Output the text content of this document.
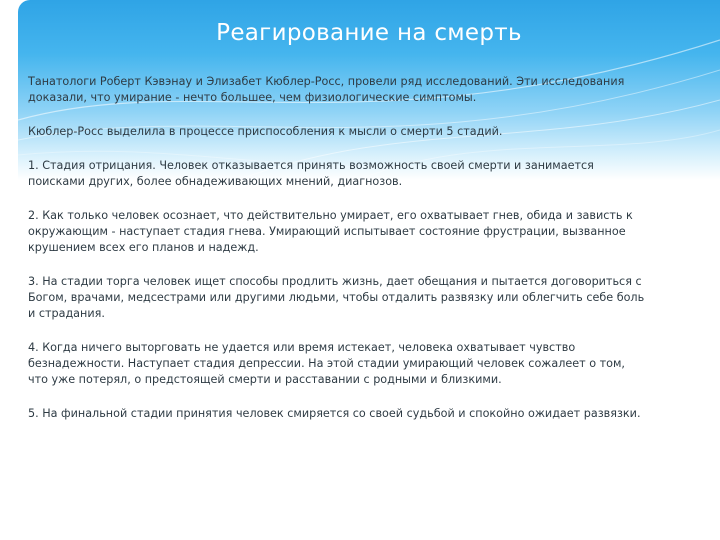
Реагирование на смерть

Танатологи Роберт Кэвэнау и Элизабет Кюблер-Росс, провели ряд исследований. Эти исследования доказали, что умирание - нечто большее, чем физиологические симптомы.

Кюблер-Росс выделила в процессе приспособления к мысли о смерти 5 стадий.

1. Стадия отрицания. Человек отказывается принять возможность своей смерти и занимается поисками других, более обнадеживающих мнений, диагнозов.

2. Как только человек осознает, что действительно умирает, его охватывает гнев, обида и зависть к окружающим - наступает стадия гнева. Умирающий испытывает состояние фрустрации, вызванное крушением всех его планов и надежд.

3. На стадии торга человек ищет способы продлить жизнь, дает обещания и пытается договориться с Богом, врачами, медсестрами или другими людьми, чтобы отдалить развязку или облегчить себе боль и страдания.

4. Когда ничего выторговать не удается или время истекает, человека охватывает чувство безнадежности. Наступает стадия депрессии. На этой стадии умирающий человек сожалеет о том, что уже потерял, о предстоящей смерти и расставании с родными и близкими.

5. На финальной стадии принятия человек смиряется со своей судьбой и спокойно ожидает развязки.
